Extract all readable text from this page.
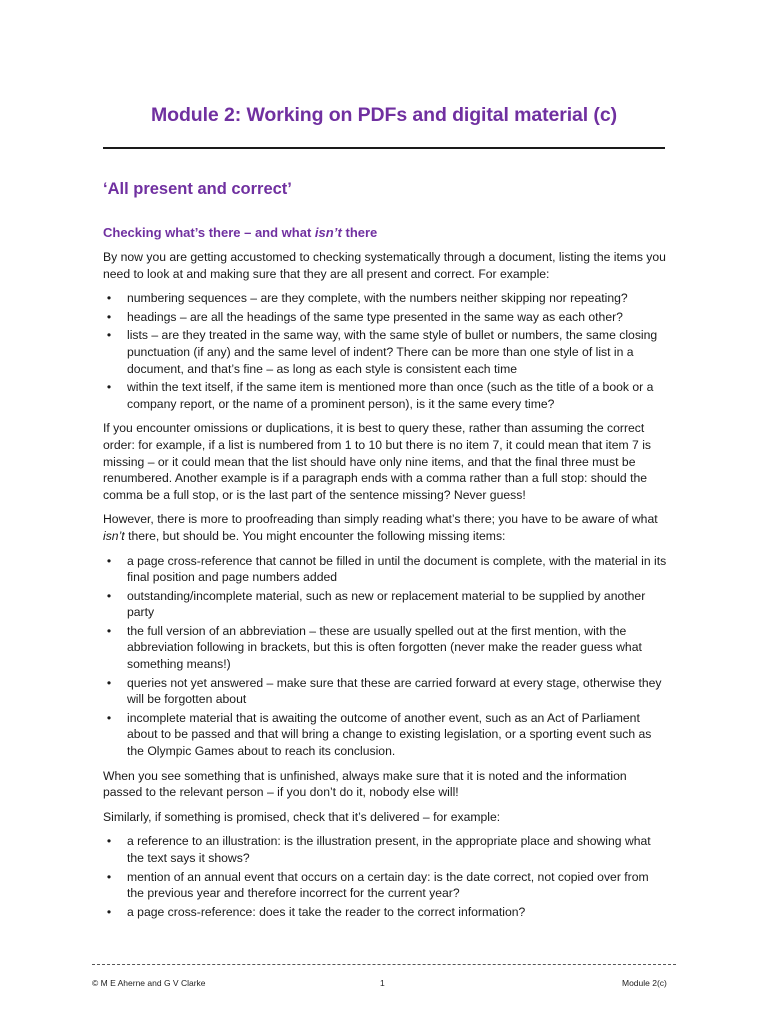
Module 2: Working on PDFs and digital material (c)
‘All present and correct’
Checking what’s there – and what isn’t there

By now you are getting accustomed to checking systematically through a document, listing the items you need to look at and making sure that they are all present and correct. For example:

•	numbering sequences – are they complete, with the numbers neither skipping nor repeating?
•	headings – are all the headings of the same type presented in the same way as each other?
•	lists – are they treated in the same way, with the same style of bullet or numbers, the same closing punctuation (if any) and the same level of indent? There can be more than one style of list in a document, and that’s fine – as long as each style is consistent each time
•	within the text itself, if the same item is mentioned more than once (such as the title of a book or a company report, or the name of a prominent person), is it the same every time?

If you encounter omissions or duplications, it is best to query these, rather than assuming the correct order: for example, if a list is numbered from 1 to 10 but there is no item 7, it could mean that item 7 is missing – or it could mean that the list should have only nine items, and that the final three must be renumbered. Another example is if a paragraph ends with a comma rather than a full stop: should the comma be a full stop, or is the last part of the sentence missing? Never guess!

However, there is more to proofreading than simply reading what’s there; you have to be aware of what isn’t there, but should be. You might encounter the following missing items:

•	a page cross-reference that cannot be filled in until the document is complete, with the material in its final position and page numbers added
•	outstanding/incomplete material, such as new or replacement material to be supplied by another party
•	the full version of an abbreviation – these are usually spelled out at the first mention, with the abbreviation following in brackets, but this is often forgotten (never make the reader guess what something means!)
•	queries not yet answered – make sure that these are carried forward at every stage, otherwise they will be forgotten about
•	incomplete material that is awaiting the outcome of another event, such as an Act of Parliament about to be passed and that will bring a change to existing legislation, or a sporting event such as the Olympic Games about to reach its conclusion.

When you see something that is unfinished, always make sure that it is noted and the information passed to the relevant person – if you don’t do it, nobody else will!

Similarly, if something is promised, check that it’s delivered – for example:

•	a reference to an illustration: is the illustration present, in the appropriate place and showing what the text says it shows?
•	mention of an annual event that occurs on a certain day: is the date correct, not copied over from the previous year and therefore incorrect for the current year?
•	a page cross-reference: does it take the reader to the correct information?
© M E Aherne and G V Clarke	1	Module 2(c)
